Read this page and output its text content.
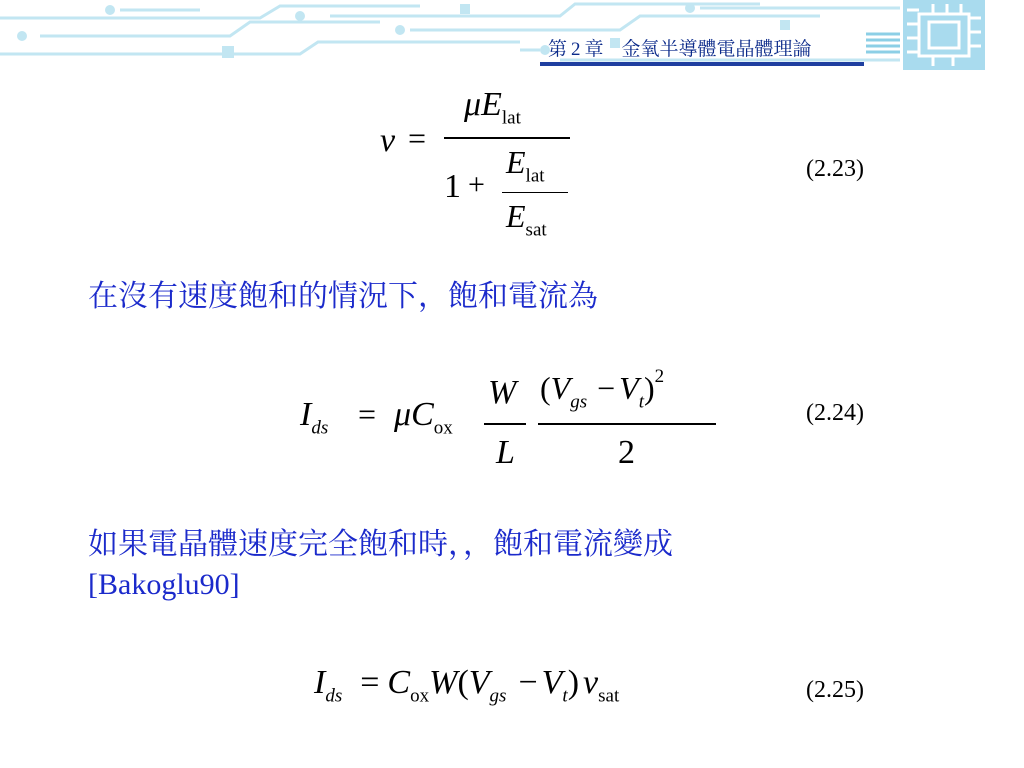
第 2 章 金氧半導體電晶體理論
v =
$\mu E_{lat}$
1 +
$E_{lat}$
$E_{sat}$
(2.23)
在沒有速度飽和的情況下，飽和電流為
$I_{ds} = \mu C_{ox}$
W
L
$(V_{gs} - V_t)^2$
2
(2.24)
如果電晶體速度完全飽和時，，飽和電流變成
[Bakoglu90]
$I_{ds} = C_{ox}W(V_{gs} - V_t)$ $v_{sat}$	(2.25)
